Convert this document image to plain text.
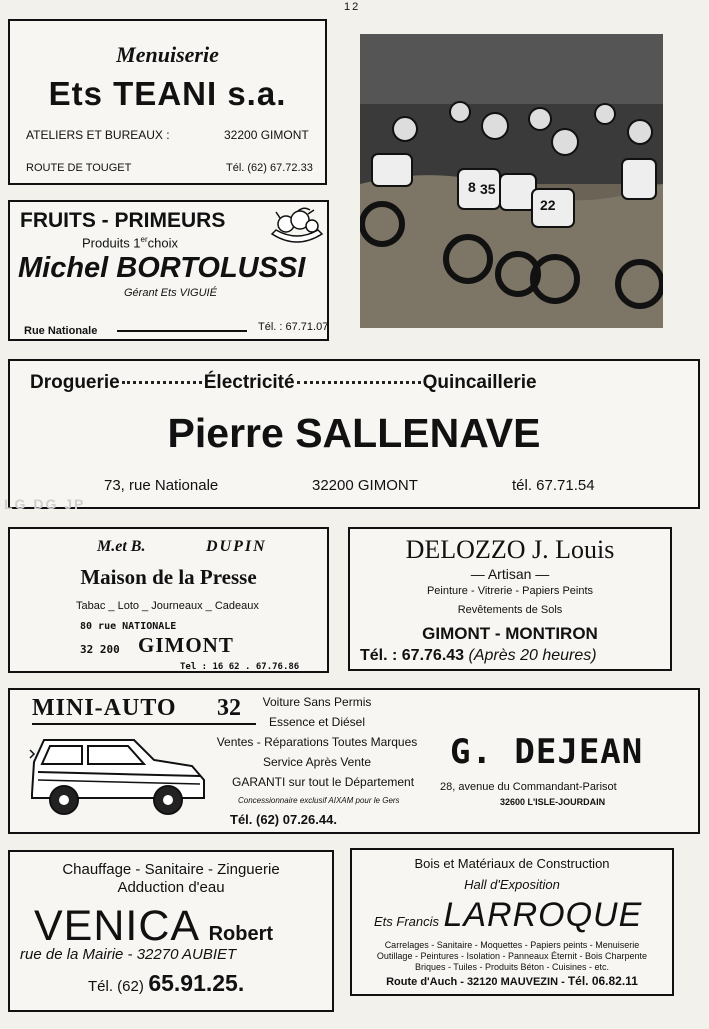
12
Menuiserie
Ets TEANI s.a.
ATELIERS ET BUREAUX :	32200 GIMONT
ROUTE DE TOUGET	Tél. (62) 67.72.33
FRUITS - PRIMEURS
Produits 1erchoix
Michel BORTOLUSSI
Gérant Ets VIGUIÉ
Rue Nationale	Tél. : 67.71.07
35
8
22
Droguerie	Électricité	Quincaillerie
Pierre SALLENAVE
73, rue Nationale	32200 GIMONT	tél. 67.71.54
LG DG JP
M.et B.	DUPIN
Maison de la Presse
Tabac _ Loto _ Journeaux _ Cadeaux
80 rue NATIONALE
32 200 GIMONT
Tel : 16 62 . 67.76.86
DELOZZO J. Louis
— Artisan —
Peinture - Vitrerie - Papiers Peints
Revêtements de Sols
GIMONT - MONTIRON
Tél. : 67.76.43 (Après 20 heures)
MINI-AUTO 32	Voiture Sans Permis
Essence et Diésel
Ventes - Réparations Toutes Marques
Service Après Vente
GARANTI sur tout le Département
Concessionnaire exclusif AIXAM pour le Gers
Tél. (62) 07.26.44.
G. DEJEAN
28, avenue du Commandant-Parisot
32600 L'ISLE-JOURDAIN
Chauffage - Sanitaire - Zinguerie
Adduction d'eau
VENICA Robert
rue de la Mairie - 32270 AUBIET
Tél. (62) 65.91.25.
Bois et Matériaux de Construction
Hall d'Exposition
Ets Francis LARROQUE
Carrelages - Sanitaire - Moquettes - Papiers peints - Menuiserie
Outillage - Peintures - Isolation - Panneaux Éternit - Bois Charpente
Briques - Tuiles - Produits Béton - Cuisines - etc.
Route d'Auch - 32120 MAUVEZIN - Tél. 06.82.11
